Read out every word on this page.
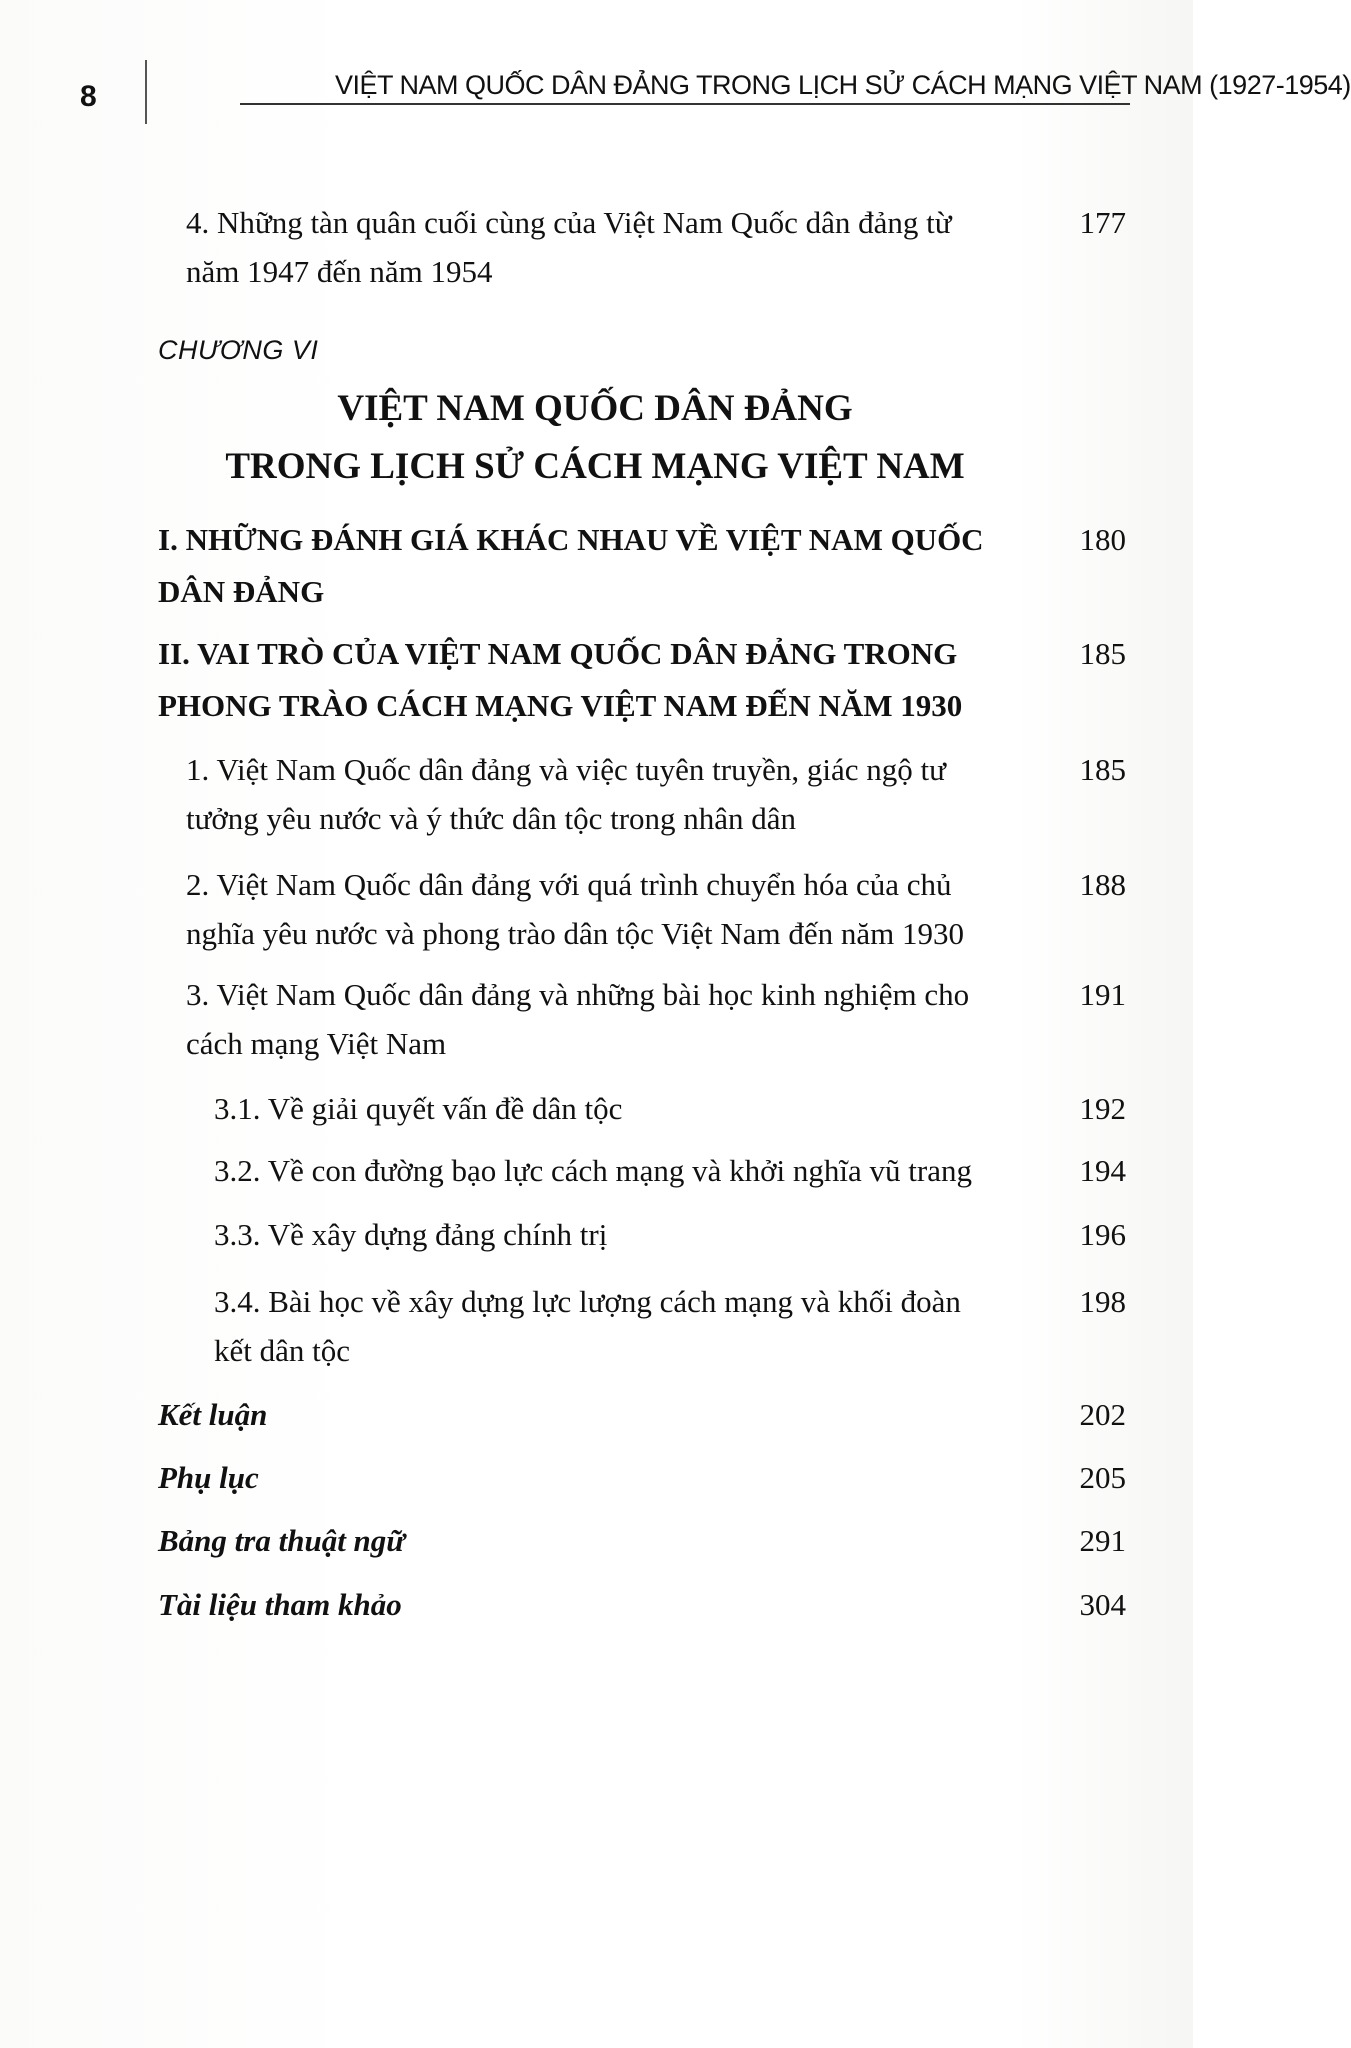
8	VIỆT NAM QUỐC DÂN ĐẢNG TRONG LỊCH SỬ CÁCH MẠNG VIỆT NAM (1927-1954)
4. Những tàn quân cuối cùng của Việt Nam Quốc dân đảng từ
năm 1947 đến năm 1954
177
CHƯƠNG VI
VIỆT NAM QUỐC DÂN ĐẢNG
TRONG LỊCH SỬ CÁCH MẠNG VIỆT NAM
I. NHỮNG ĐÁNH GIÁ KHÁC NHAU VỀ VIỆT NAM QUỐC
DÂN ĐẢNG
180
II. VAI TRÒ CỦA VIỆT NAM QUỐC DÂN ĐẢNG TRONG
PHONG TRÀO CÁCH MẠNG VIỆT NAM ĐẾN NĂM 1930
185
1. Việt Nam Quốc dân đảng và việc tuyên truyền, giác ngộ tư
tưởng yêu nước và ý thức dân tộc trong nhân dân
185
2. Việt Nam Quốc dân đảng với quá trình chuyển hóa của chủ
nghĩa yêu nước và phong trào dân tộc Việt Nam đến năm 1930
188
3. Việt Nam Quốc dân đảng và những bài học kinh nghiệm cho
cách mạng Việt Nam
191
3.1. Về giải quyết vấn đề dân tộc	192
3.2. Về con đường bạo lực cách mạng và khởi nghĩa vũ trang	194
3.3. Về xây dựng đảng chính trị	196
3.4. Bài học về xây dựng lực lượng cách mạng và khối đoàn
kết dân tộc
198
Kết luận	202
Phụ lục	205
Bảng tra thuật ngữ	291
Tài liệu tham khảo	304
